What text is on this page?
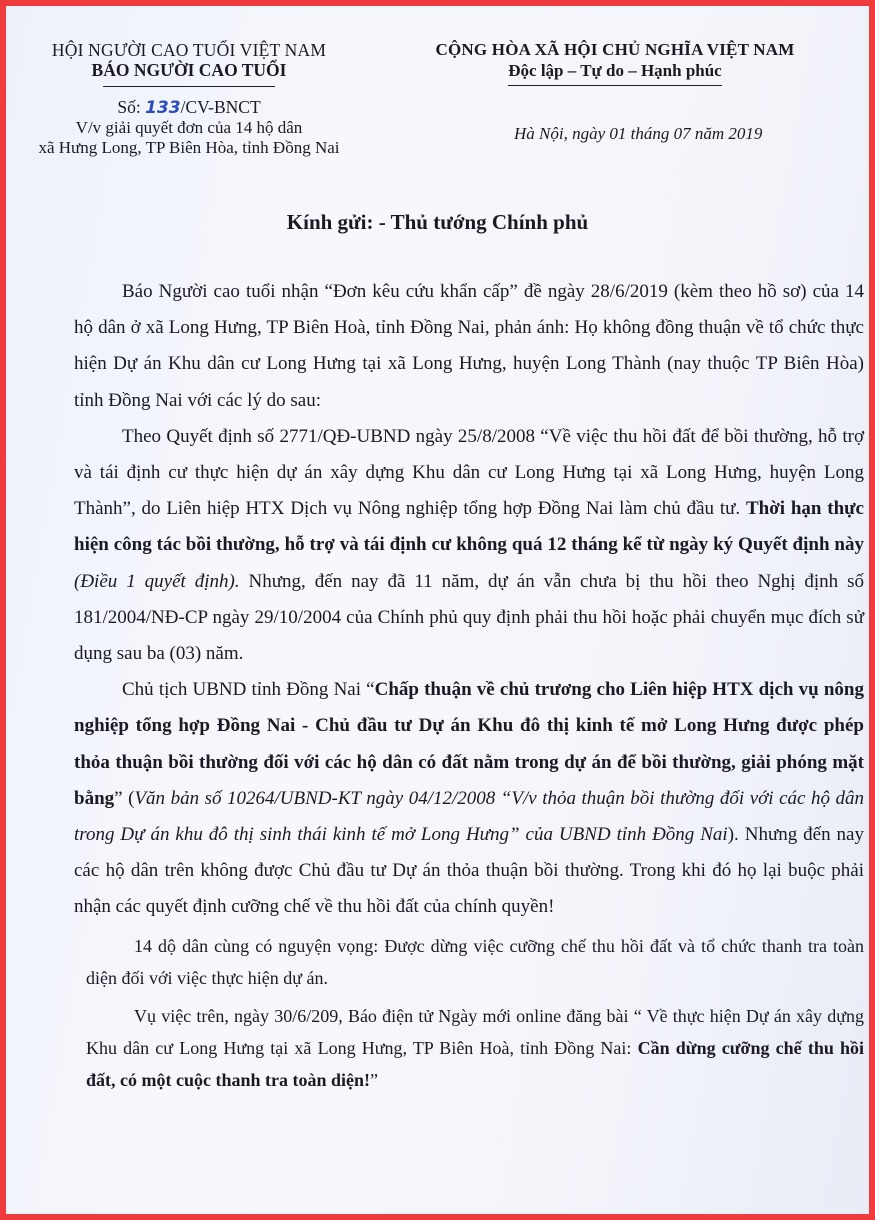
HỘI NGƯỜI CAO TUỔI VIỆT NAM
BÁO NGƯỜI CAO TUỔI
Số: 133/CV-BNCT
V/v giải quyết đơn của 14 hộ dân
xã Hưng Long, TP Biên Hòa, tỉnh Đồng Nai
CỘNG HÒA XÃ HỘI CHỦ NGHĨA VIỆT NAM
Độc lập – Tự do – Hạnh phúc
Hà Nội, ngày 01 tháng 07 năm 2019
Kính gửi: - Thủ tướng Chính phủ

Báo Người cao tuổi nhận “Đơn kêu cứu khẩn cấp” đề ngày 28/6/2019 (kèm theo hồ sơ) của 14 hộ dân ở xã Long Hưng, TP Biên Hoà, tỉnh Đồng Nai, phản ánh: Họ không đồng thuận về tổ chức thực hiện Dự án Khu dân cư Long Hưng tại xã Long Hưng, huyện Long Thành (nay thuộc TP Biên Hòa) tỉnh Đồng Nai với các lý do sau:

Theo Quyết định số 2771/QĐ-UBND ngày 25/8/2008 “Về việc thu hồi đất để bồi thường, hỗ trợ và tái định cư thực hiện dự án xây dựng Khu dân cư Long Hưng tại xã Long Hưng, huyện Long Thành”, do Liên hiệp HTX Dịch vụ Nông nghiệp tổng hợp Đồng Nai làm chủ đầu tư. Thời hạn thực hiện công tác bồi thường, hỗ trợ và tái định cư không quá 12 tháng kể từ ngày ký Quyết định này (Điều 1 quyết định). Nhưng, đến nay đã 11 năm, dự án vẫn chưa bị thu hồi theo Nghị định số 181/2004/NĐ-CP ngày 29/10/2004 của Chính phủ quy định phải thu hồi hoặc phải chuyển mục đích sử dụng sau ba (03) năm.

Chủ tịch UBND tỉnh Đồng Nai “Chấp thuận về chủ trương cho Liên hiệp HTX dịch vụ nông nghiệp tổng hợp Đồng Nai - Chủ đầu tư Dự án Khu đô thị kinh tế mở Long Hưng được phép thỏa thuận bồi thường đối với các hộ dân có đất nằm trong dự án để bồi thường, giải phóng mặt bằng” (Văn bản số 10264/UBND-KT ngày 04/12/2008 “V/v thỏa thuận bồi thường đối với các hộ dân trong Dự án khu đô thị sinh thái kinh tế mở Long Hưng” của UBND tỉnh Đồng Nai). Nhưng đến nay các hộ dân trên không được Chủ đầu tư Dự án thỏa thuận bồi thường. Trong khi đó họ lại buộc phải nhận các quyết định cưỡng chế về thu hồi đất của chính quyền!

14 dộ dân cùng có nguyện vọng: Được dừng việc cưỡng chế thu hồi đất và tổ chức thanh tra toàn diện đối với việc thực hiện dự án.

Vụ việc trên, ngày 30/6/209, Báo điện tử Ngày mới online đăng bài “ Về thực hiện Dự án xây dựng Khu dân cư Long Hưng tại xã Long Hưng, TP Biên Hoà, tỉnh Đồng Nai: Cần dừng cưỡng chế thu hồi đất, có một cuộc thanh tra toàn diện!”
